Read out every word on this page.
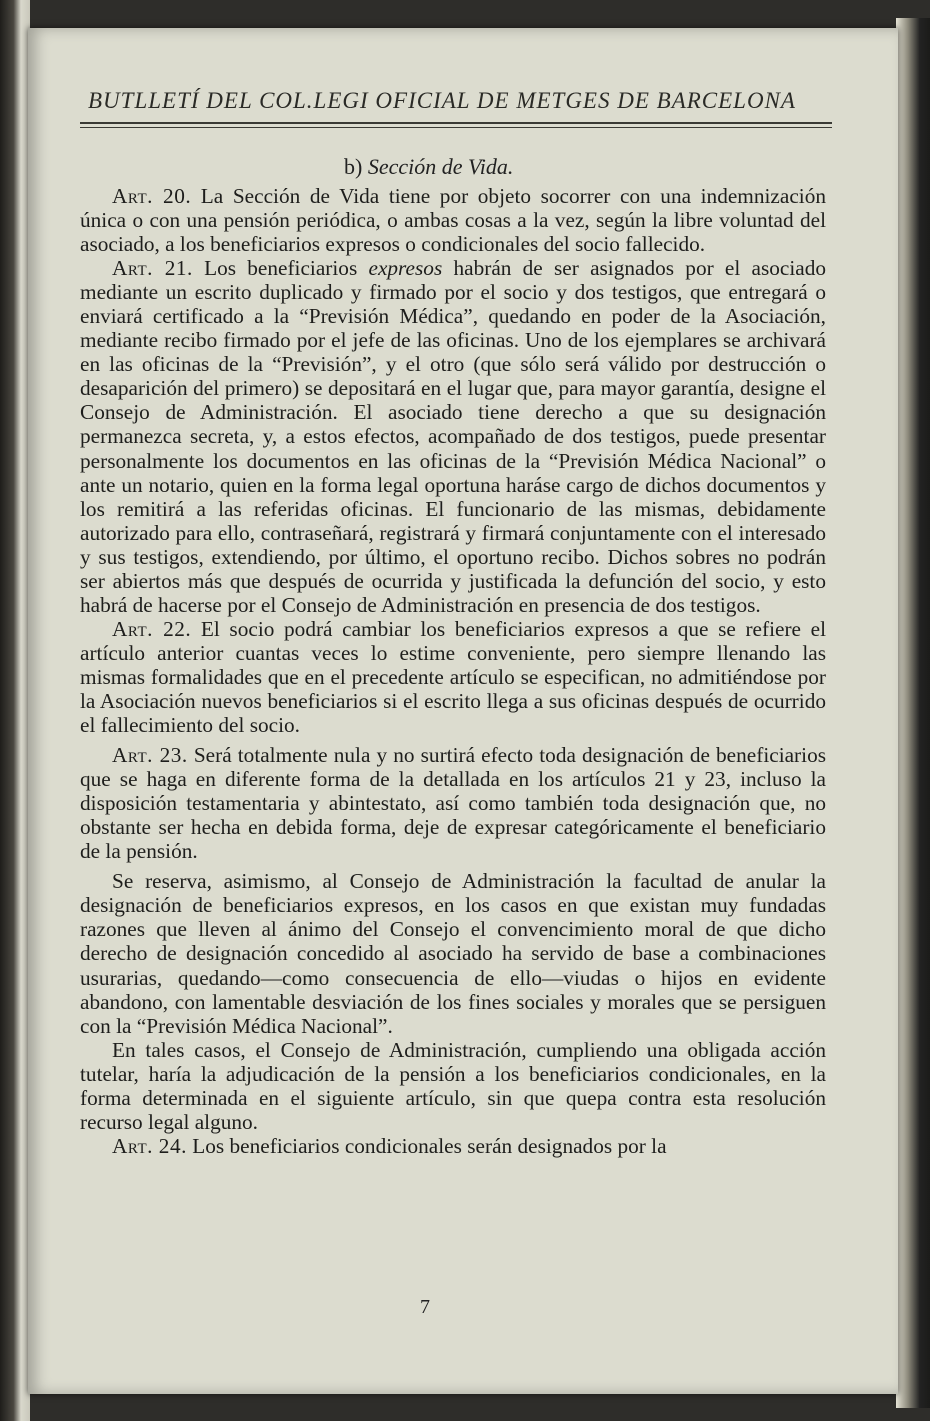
BUTLLETÍ DEL COL.LEGI OFICIAL DE METGES DE BARCELONA
b) Sección de Vida.

Art. 20. La Sección de Vida tiene por objeto socorrer con una indemnización única o con una pensión periódica, o ambas cosas a la vez, según la libre voluntad del asociado, a los beneficiarios expresos o condicionales del socio fallecido.

Art. 21. Los beneficiarios expresos habrán de ser asignados por el asociado mediante un escrito duplicado y firmado por el socio y dos testigos, que entregará o enviará certificado a la “Previsión Médica”, quedando en poder de la Asociación, mediante recibo firmado por el jefe de las oficinas. Uno de los ejemplares se archivará en las oficinas de la “Previsión”, y el otro (que sólo será válido por destrucción o desaparición del primero) se depositará en el lugar que, para mayor garantía, designe el Consejo de Administración. El asociado tiene derecho a que su designación permanezca secreta, y, a estos efectos, acompañado de dos testigos, puede presentar personalmente los documentos en las oficinas de la “Previsión Médica Nacional” o ante un notario, quien en la forma legal oportuna haráse cargo de dichos documentos y los remitirá a las referidas oficinas. El funcionario de las mismas, debidamente autorizado para ello, contraseñará, registrará y firmará conjuntamente con el interesado y sus testigos, extendiendo, por último, el oportuno recibo. Dichos sobres no podrán ser abiertos más que después de ocurrida y justificada la defunción del socio, y esto habrá de hacerse por el Consejo de Administración en presencia de dos testigos.

Art. 22. El socio podrá cambiar los beneficiarios expresos a que se refiere el artículo anterior cuantas veces lo estime conveniente, pero siempre llenando las mismas formalidades que en el precedente artículo se especifican, no admitiéndose por la Asociación nuevos beneficiarios si el escrito llega a sus oficinas después de ocurrido el fallecimiento del socio.

Art. 23. Será totalmente nula y no surtirá efecto toda designación de beneficiarios que se haga en diferente forma de la detallada en los artículos 21 y 23, incluso la disposición testamentaria y abintestato, así como también toda designación que, no obstante ser hecha en debida forma, deje de expresar categóricamente el beneficiario de la pensión.

Se reserva, asimismo, al Consejo de Administración la facultad de anular la designación de beneficiarios expresos, en los casos en que existan muy fundadas razones que lleven al ánimo del Consejo el convencimiento moral de que dicho derecho de designación concedido al asociado ha servido de base a combinaciones usurarias, quedando—como consecuencia de ello—viudas o hijos en evidente abandono, con lamentable desviación de los fines sociales y morales que se persiguen con la “Previsión Médica Nacional”.

En tales casos, el Consejo de Administración, cumpliendo una obligada acción tutelar, haría la adjudicación de la pensión a los beneficiarios condicionales, en la forma determinada en el siguiente artículo, sin que quepa contra esta resolución recurso legal alguno.

Art. 24. Los beneficiarios condicionales serán designados por la

7
